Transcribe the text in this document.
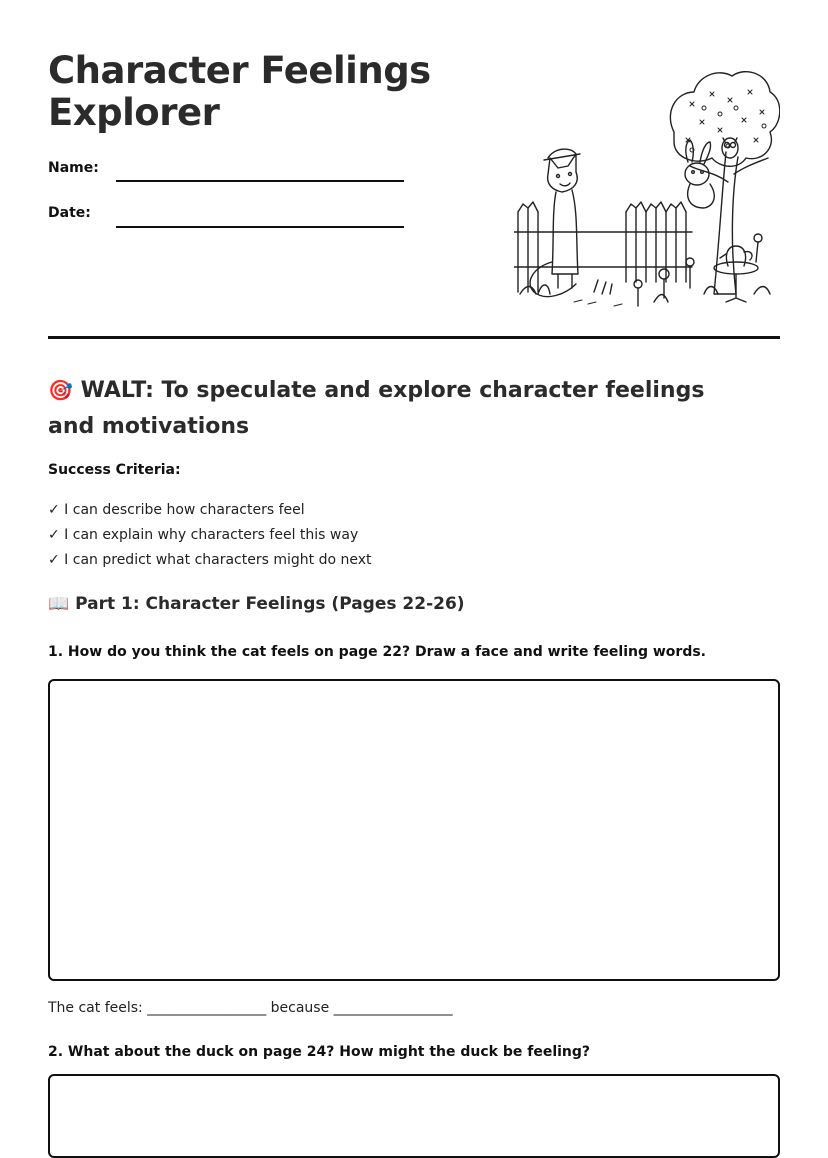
Character Feelings Explorer
Name:
Date:
🎯 WALT: To speculate and explore character feelings and motivations
Success Criteria:
✓ I can describe how characters feel
✓ I can explain why characters feel this way
✓ I can predict what characters might do next
📖 Part 1: Character Feelings (Pages 22-26)
1. How do you think the cat feels on page 22? Draw a face and write feeling words.
The cat feels: _________________ because _________________
2. What about the duck on page 24? How might the duck be feeling?
